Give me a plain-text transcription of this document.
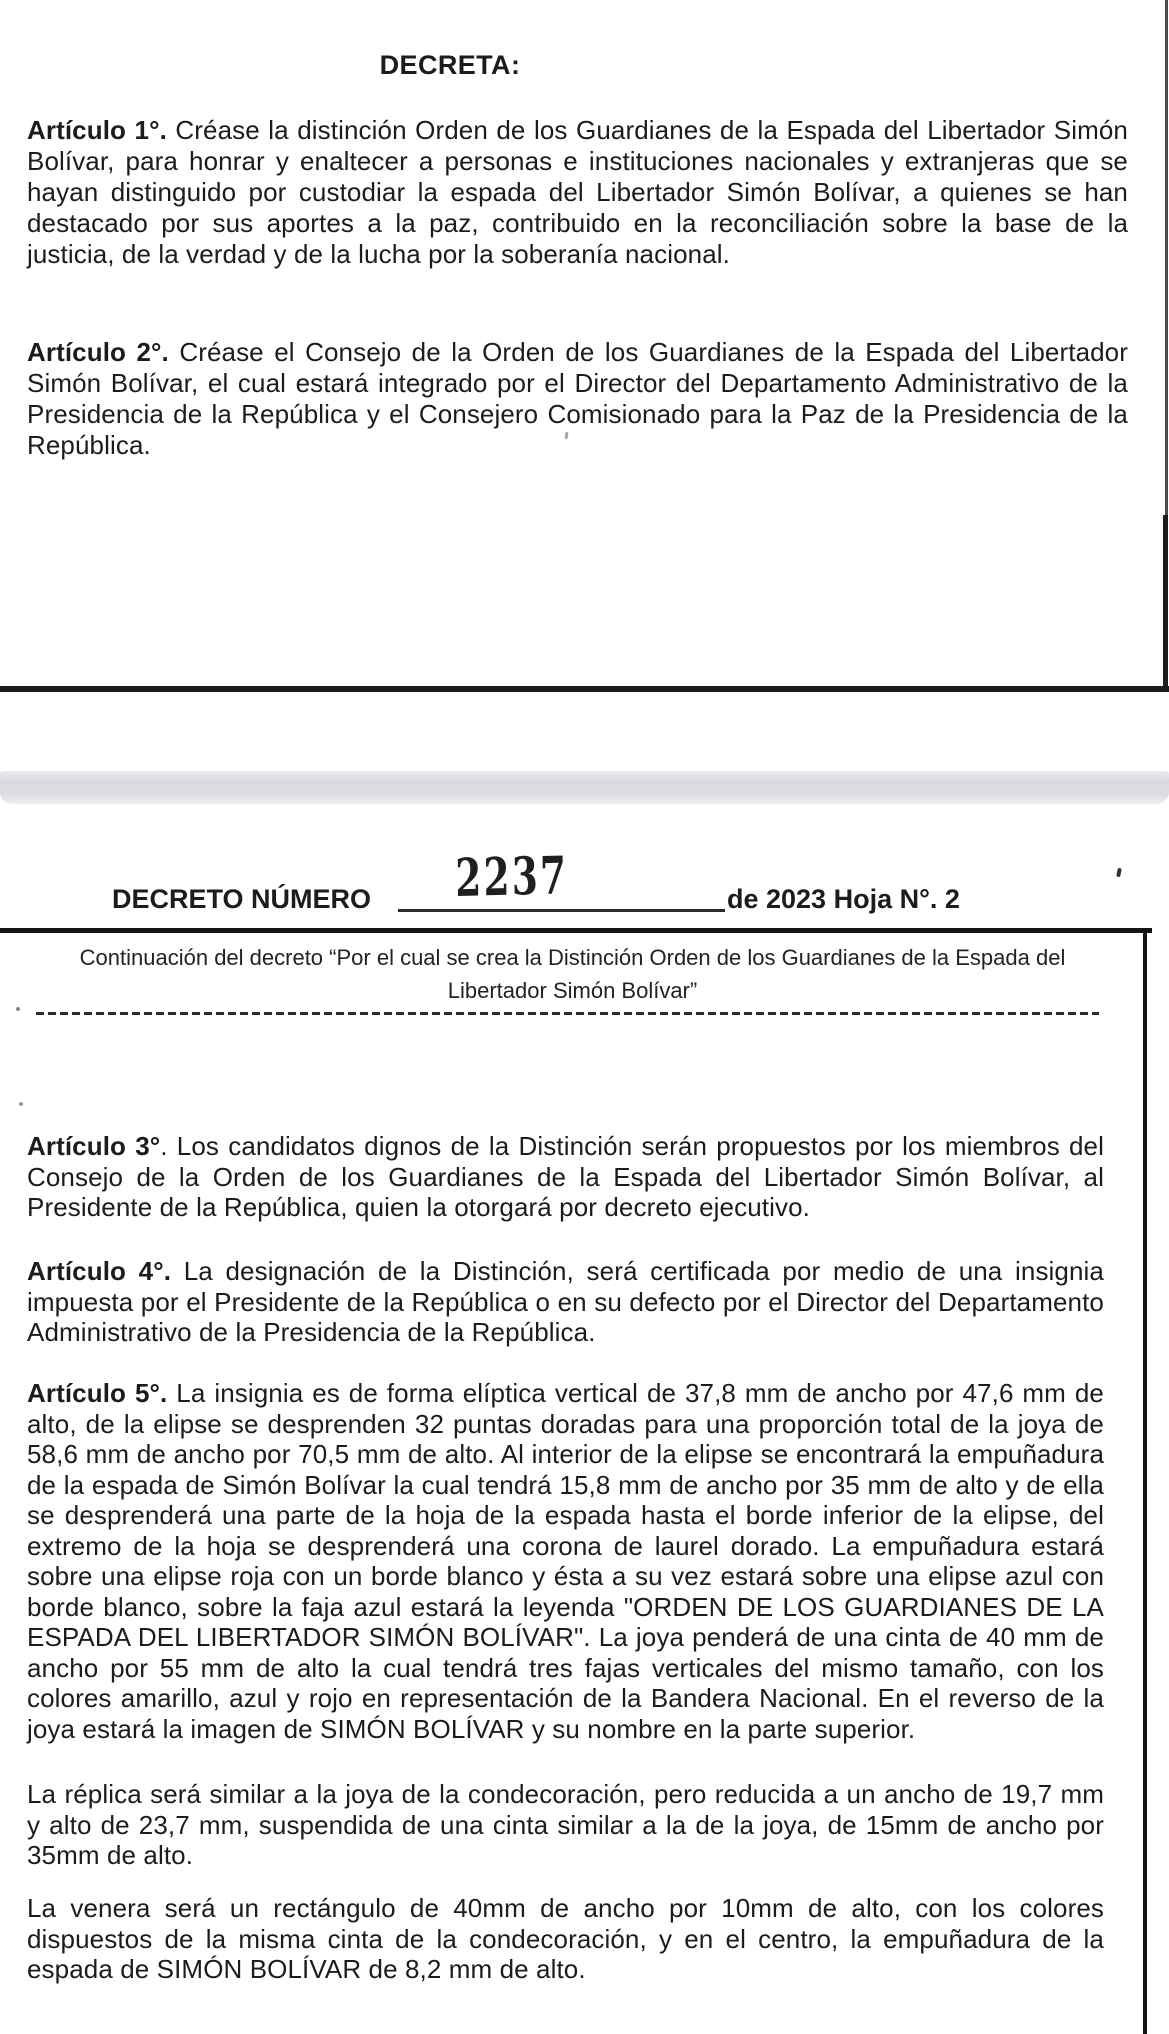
DECRETA:

Artículo 1°. Créase la distinción Orden de los Guardianes de la Espada del Libertador Simón Bolívar, para honrar y enaltecer a personas e instituciones nacionales y extranjeras que se hayan distinguido por custodiar la espada del Libertador Simón Bolívar, a quienes se han destacado por sus aportes a la paz, contribuido en la reconciliación sobre la base de la justicia, de la verdad y de la lucha por la soberanía nacional.

Artículo 2°. Créase el Consejo de la Orden de los Guardianes de la Espada del Libertador Simón Bolívar, el cual estará integrado por el Director del Departamento Administrativo de la Presidencia de la República y el Consejero Comisionado para la Paz de la Presidencia de la República.

DECRETO NÚMERO 2237	de 2023 Hoja N°. 2
Continuación del decreto “Por el cual se crea la Distinción Orden de los Guardianes de la Espada del Libertador Simón Bolívar”

Artículo 3°. Los candidatos dignos de la Distinción serán propuestos por los miembros del Consejo de la Orden de los Guardianes de la Espada del Libertador Simón Bolívar, al Presidente de la República, quien la otorgará por decreto ejecutivo.

Artículo 4°. La designación de la Distinción, será certificada por medio de una insignia impuesta por el Presidente de la República o en su defecto por el Director del Departamento Administrativo de la Presidencia de la República.

Artículo 5°. La insignia es de forma elíptica vertical de 37,8 mm de ancho por 47,6 mm de alto, de la elipse se desprenden 32 puntas doradas para una proporción total de la joya de 58,6 mm de ancho por 70,5 mm de alto. Al interior de la elipse se encontrará la empuñadura de la espada de Simón Bolívar la cual tendrá 15,8 mm de ancho por 35 mm de alto y de ella se desprenderá una parte de la hoja de la espada hasta el borde inferior de la elipse, del extremo de la hoja se desprenderá una corona de laurel dorado. La empuñadura estará sobre una elipse roja con un borde blanco y ésta a su vez estará sobre una elipse azul con borde blanco, sobre la faja azul estará la leyenda "ORDEN DE LOS GUARDIANES DE LA ESPADA DEL LIBERTADOR SIMÓN BOLÍVAR". La joya penderá de una cinta de 40 mm de ancho por 55 mm de alto la cual tendrá tres fajas verticales del mismo tamaño, con los colores amarillo, azul y rojo en representación de la Bandera Nacional. En el reverso de la joya estará la imagen de SIMÓN BOLÍVAR y su nombre en la parte superior.

La réplica será similar a la joya de la condecoración, pero reducida a un ancho de 19,7 mm y alto de 23,7 mm, suspendida de una cinta similar a la de la joya, de 15mm de ancho por 35mm de alto.

La venera será un rectángulo de 40mm de ancho por 10mm de alto, con los colores dispuestos de la misma cinta de la condecoración, y en el centro, la empuñadura de la espada de SIMÓN BOLÍVAR de 8,2 mm de alto.
